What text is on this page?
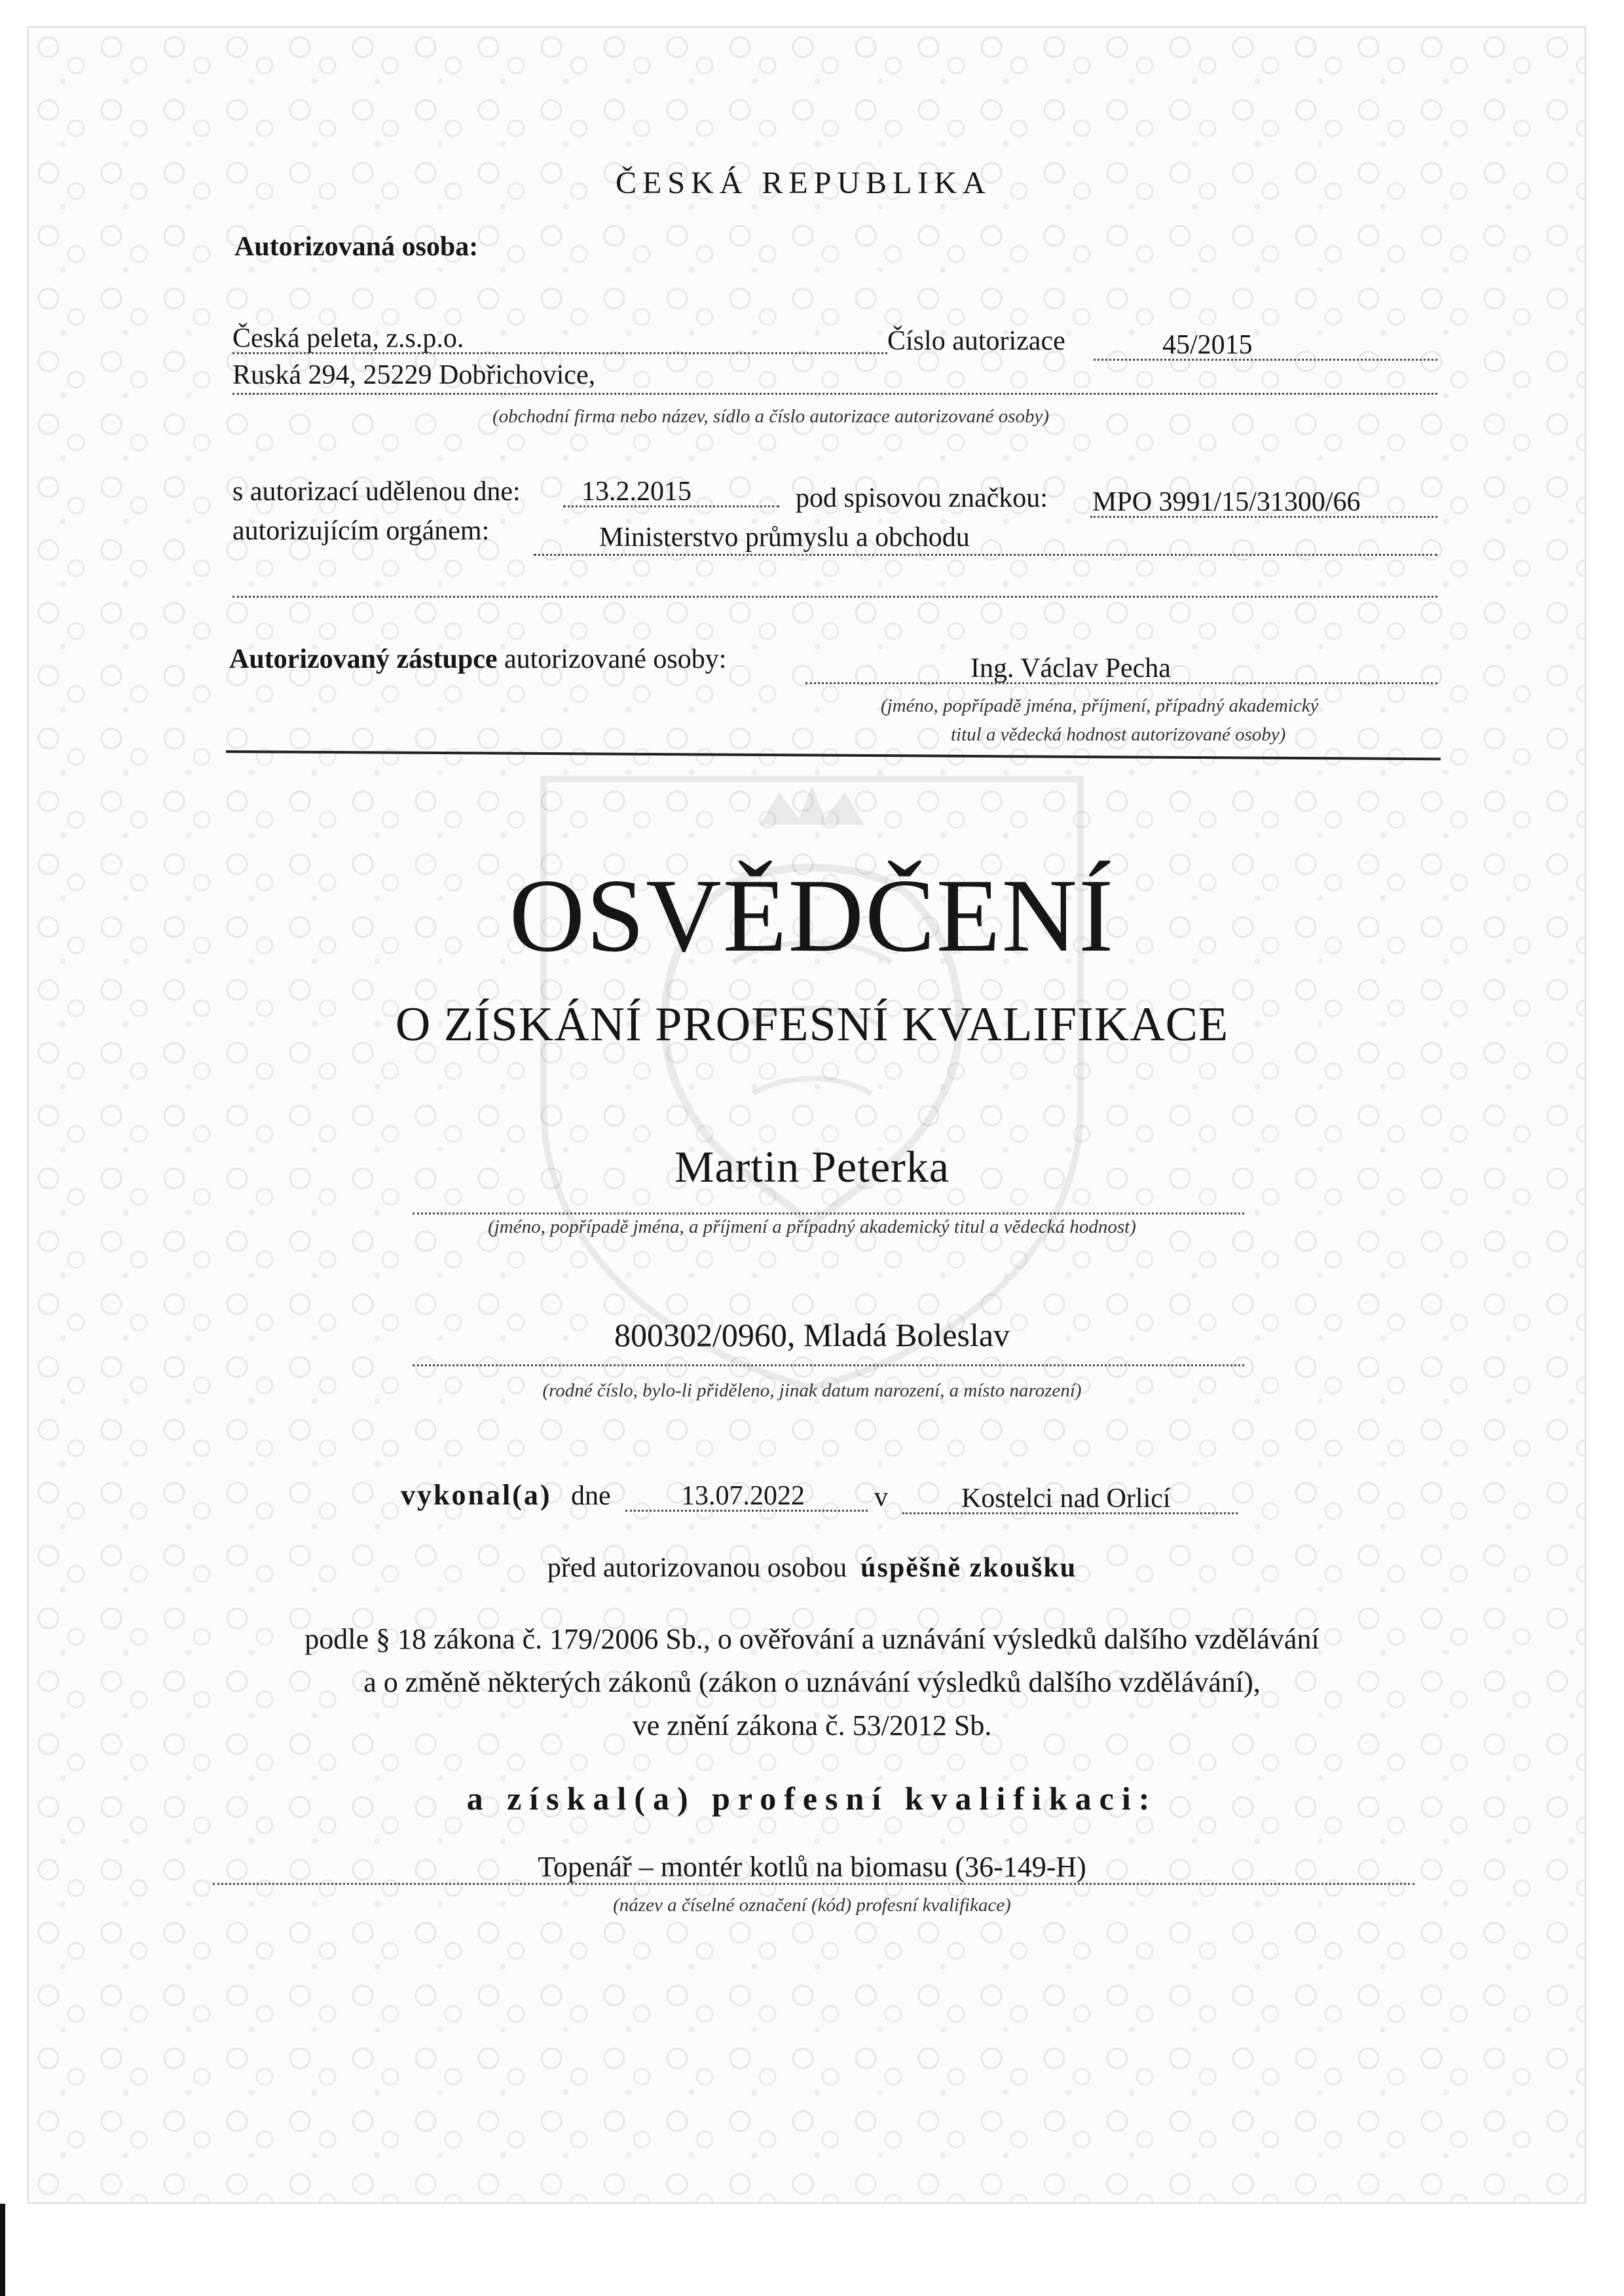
ČESKÁ REPUBLIKA
Autorizovaná osoba:
Česká peleta, z.s.p.o.	Číslo autorizace	45/2015
Ruská 294, 25229 Dobřichovice,
(obchodní firma nebo název, sídlo a číslo autorizace autorizované osoby)
s autorizací udělenou dne: 13.2.2015	pod spisovou značkou: MPO 3991/15/31300/66
autorizujícím orgánem:	Ministerstvo průmyslu a obchodu
Autorizovaný zástupce autorizované osoby:	Ing. Václav Pecha
(jméno, popřípadě jména, příjmení, případný akademický
titul a vědecká hodnost autorizované osoby)
OSVĚDČENÍ
O ZÍSKÁNÍ PROFESNÍ KVALIFIKACE
Martin Peterka
(jméno, popřípadě jména, a příjmení a případný akademický titul a vědecká hodnost)
800302/0960, Mladá Boleslav
(rodné číslo, bylo-li přiděleno, jinak datum narození, a místo narození)
vykonal(a) dne	13.07.2022	v	Kostelci nad Orlicí
před autorizovanou osobou úspěšně zkoušku
podle § 18 zákona č. 179/2006 Sb., o ověřování a uznávání výsledků dalšího vzdělávání
a o změně některých zákonů (zákon o uznávání výsledků dalšího vzdělávání),
ve znění zákona č. 53/2012 Sb.
a získal(a) profesní kvalifikaci:
Topenář – montér kotlů na biomasu (36-149-H)
(název a číselné označení (kód) profesní kvalifikace)
